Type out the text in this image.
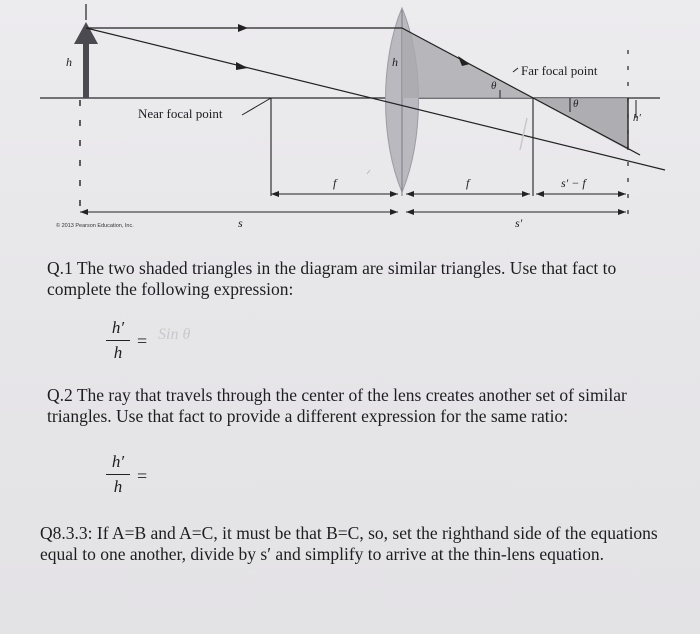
h	h
Far focal point
Near focal point
θ
θ
h′
f	f	s′ − f
s	s′
© 2013 Pearson Education, Inc.
Q.1 The two shaded triangles in the diagram are similar triangles. Use that fact to complete the following expression:
h′
h
= Sin θ
Q.2 The ray that travels through the center of the lens creates another set of similar triangles. Use that fact to provide a different expression for the same ratio:
h′
h
=
Q8.3.3: If A=B and A=C, it must be that B=C, so, set the righthand side of the equations equal to one another, divide by s′ and simplify to arrive at the thin-lens equation.
